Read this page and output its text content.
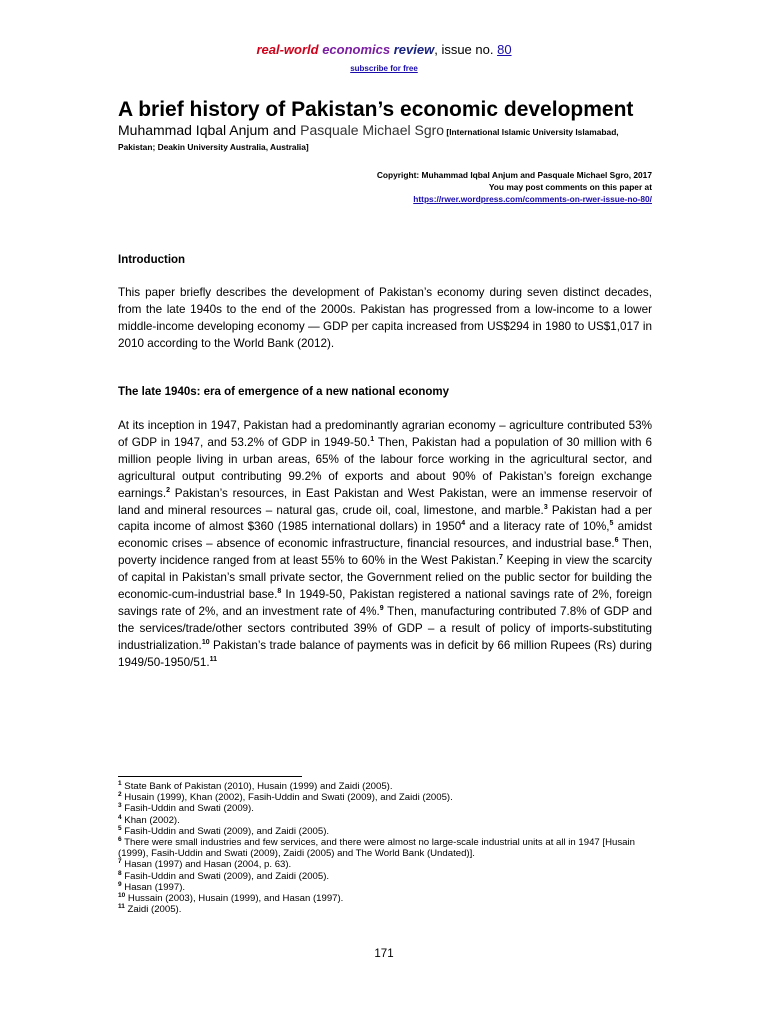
real-world economics review, issue no. 80
subscribe for free
A brief history of Pakistan’s economic development
Muhammad Iqbal Anjum and Pasquale Michael Sgro [International Islamic University Islamabad, Pakistan; Deakin University Australia, Australia]
Copyright: Muhammad Iqbal Anjum and Pasquale Michael Sgro, 2017
You may post comments on this paper at
https://rwer.wordpress.com/comments-on-rwer-issue-no-80/
Introduction
This paper briefly describes the development of Pakistan’s economy during seven distinct decades, from the late 1940s to the end of the 2000s. Pakistan has progressed from a low-income to a lower middle-income developing economy — GDP per capita increased from US$294 in 1980 to US$1,017 in 2010 according to the World Bank (2012).
The late 1940s: era of emergence of a new national economy
At its inception in 1947, Pakistan had a predominantly agrarian economy – agriculture contributed 53% of GDP in 1947, and 53.2% of GDP in 1949-50.$^1$ Then, Pakistan had a population of 30 million with 6 million people living in urban areas, 65% of the labour force working in the agricultural sector, and agricultural output contributing 99.2% of exports and about 90% of Pakistan’s foreign exchange earnings.$^2$ Pakistan’s resources, in East Pakistan and West Pakistan, were an immense reservoir of land and mineral resources – natural gas, crude oil, coal, limestone, and marble.$^3$ Pakistan had a per capita income of almost $360 (1985 international dollars) in 1950$^4$ and a literacy rate of 10%,$^5$ amidst economic crises – absence of economic infrastructure, financial resources, and industrial base.$^6$ Then, poverty incidence ranged from at least 55% to 60% in the West Pakistan.$^7$ Keeping in view the scarcity of capital in Pakistan’s small private sector, the Government relied on the public sector for building the economic-cum-industrial base.$^8$ In 1949-50, Pakistan registered a national savings rate of 2%, foreign savings rate of 2%, and an investment rate of 4%.$^9$ Then, manufacturing contributed 7.8% of GDP and the services/trade/other sectors contributed 39% of GDP – a result of policy of imports-substituting industrialization.$^{10}$ Pakistan’s trade balance of payments was in deficit by 66 million Rupees (Rs) during 1949/50-1950/51.11
$^1$ State Bank of Pakistan (2010), Husain (1999) and Zaidi (2005).
$^2$ Husain (1999), Khan (2002), Fasih-Uddin and Swati (2009), and Zaidi (2005).
$^3$ Fasih-Uddin and Swati (2009).
$^4$ Khan (2002).
$^5$ Fasih-Uddin and Swati (2009), and Zaidi (2005).
$^6$ There were small industries and few services, and there were almost no large-scale industrial units at all in 1947 [Husain (1999), Fasih-Uddin and Swati (2009), Zaidi (2005) and The World Bank (Undated)].
$^7$ Hasan (1997) and Hasan (2004, p. 63).
$^8$ Fasih-Uddin and Swati (2009), and Zaidi (2005).
$^9$ Hasan (1997).
$^{10}$ Hussain (2003), Husain (1999), and Hasan (1997).
$^{11}$ Zaidi (2005).
171
